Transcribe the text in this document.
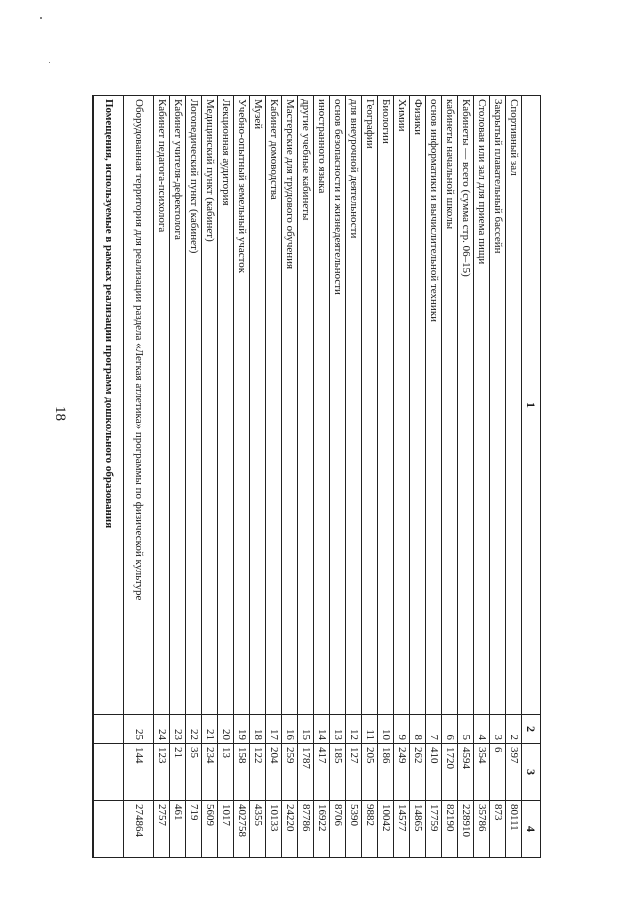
18
1	2	3	4
Спортивный зал	2	397	80111
Закрытый плавательный бассейн	3	6	873
Столовая или зал для приема пищи	4	354	35786
Кабинеты — всего (сумма стр. 06–15)	5	4594	228910
кабинеты начальной школы	6	1720	82190
основ информатики и вычислительной техники	7	410	17759
Физики	8	262	14865
Химии	9	249	14577
Биологии	10	186	10042
Географии	11	205	9882
для внеурочной деятельности	12	127	5390
основ безопасности и жизнедеятельности	13	185	8706
иностранного языка	14	417	16922
другие учебные кабинеты	15	1787	87786
Мастерские для трудового обучения	16	259	24220
Кабинет домоводства	17	204	10133
Музей	18	122	4355
Учебно-опытный земельный участок	19	158	402758
Лекционная аудитория	20	13	1017
Медицинский пункт (кабинет)	21	234	5609
Логопедический пункт (кабинет)	22	35	719
Кабинет учителя-дефектолога	23	21	461
Кабинет педагога-психолога	24	123	2757
Оборудованная территория для реализации раздела «Легкая атлетика» программы по физической культуре	25	144	274864
Помещения, используемые в рамках реализации программ дошкольного образования			
